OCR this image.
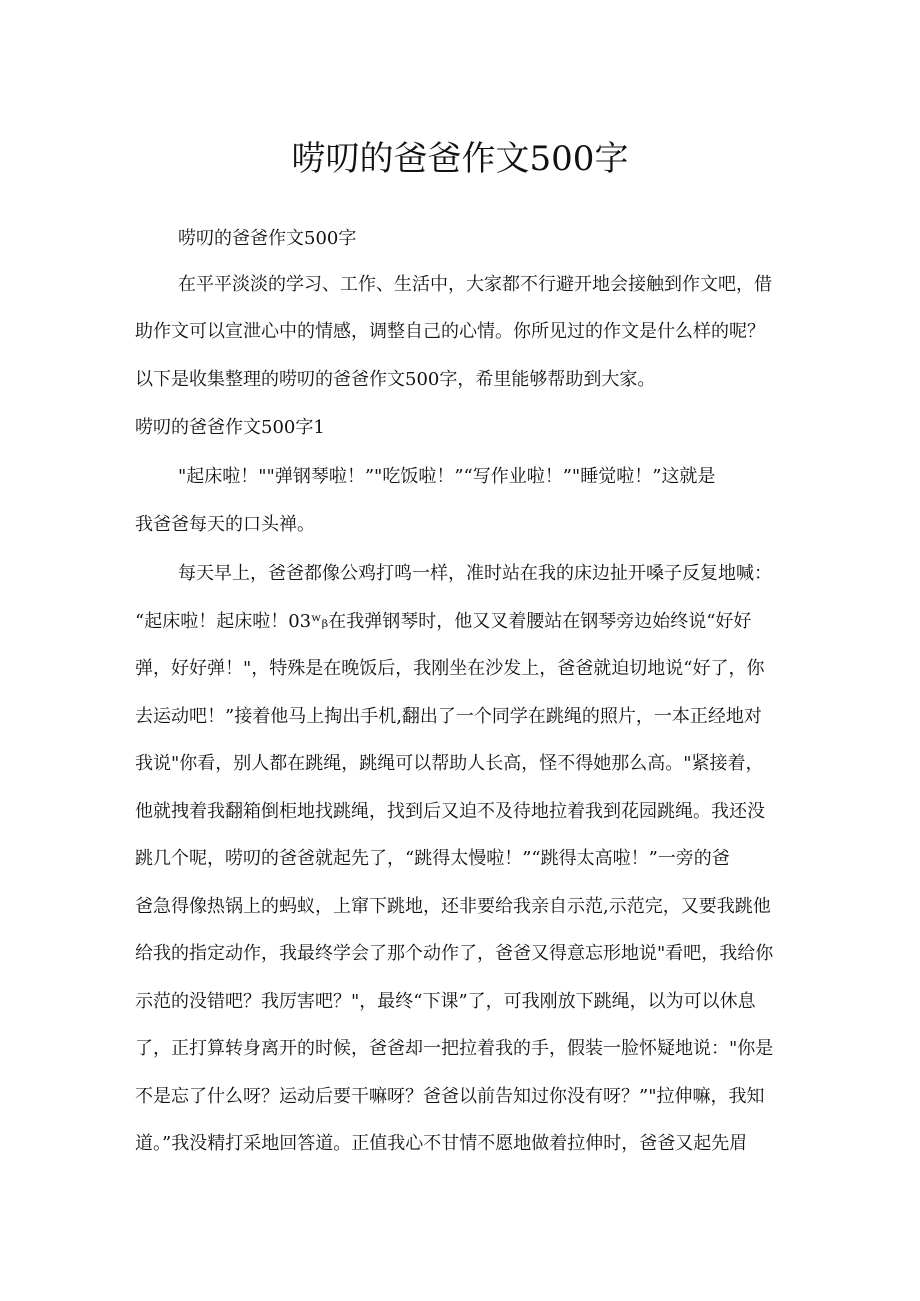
唠叨的爸爸作文500字
唠叨的爸爸作文500字
在平平淡淡的学习、工作、生活中，大家都不行避开地会接触到作文吧，借
助作文可以宣泄心中的情感，调整自己的心情。你所见过的作文是什么样的呢？
以下是收集整理的唠叨的爸爸作文500字，希里能够帮助到大家。
唠叨的爸爸作文500字1
"起床啦！""弹钢琴啦！”"吃饭啦！”“写作业啦！”"睡觉啦！”这就是
我爸爸每天的口头禅。
每天早上，爸爸都像公鸡打鸣一样，准时站在我的床边扯开嗓子反复地喊：
“起床啦！起床啦！03ʷᵦ在我弹钢琴时，他又叉着腰站在钢琴旁边始终说“好好
弹，好好弹！"，特殊是在晚饭后，我刚坐在沙发上，爸爸就迫切地说“好了，你
去运动吧！”接着他马上掏出手机,翻出了一个同学在跳绳的照片，一本正经地对
我说"你看，别人都在跳绳，跳绳可以帮助人长高，怪不得她那么高。"紧接着，
他就拽着我翻箱倒柜地找跳绳，找到后又迫不及待地拉着我到花园跳绳。我还没
跳几个呢，唠叨的爸爸就起先了，“跳得太慢啦！”“跳得太高啦！”一旁的爸
爸急得像热锅上的蚂蚁，上窜下跳地，还非要给我亲自示范,示范完，又要我跳他
给我的指定动作，我最终学会了那个动作了，爸爸又得意忘形地说"看吧，我给你
示范的没错吧？我厉害吧？"，最终“下课”了，可我刚放下跳绳，以为可以休息
了，正打算转身离开的时候，爸爸却一把拉着我的手，假装一脸怀疑地说："你是
不是忘了什么呀？运动后要干嘛呀？爸爸以前告知过你没有呀？”"拉伸嘛，我知
道。”我没精打采地回答道。正值我心不甘情不愿地做着拉伸时，爸爸又起先眉
